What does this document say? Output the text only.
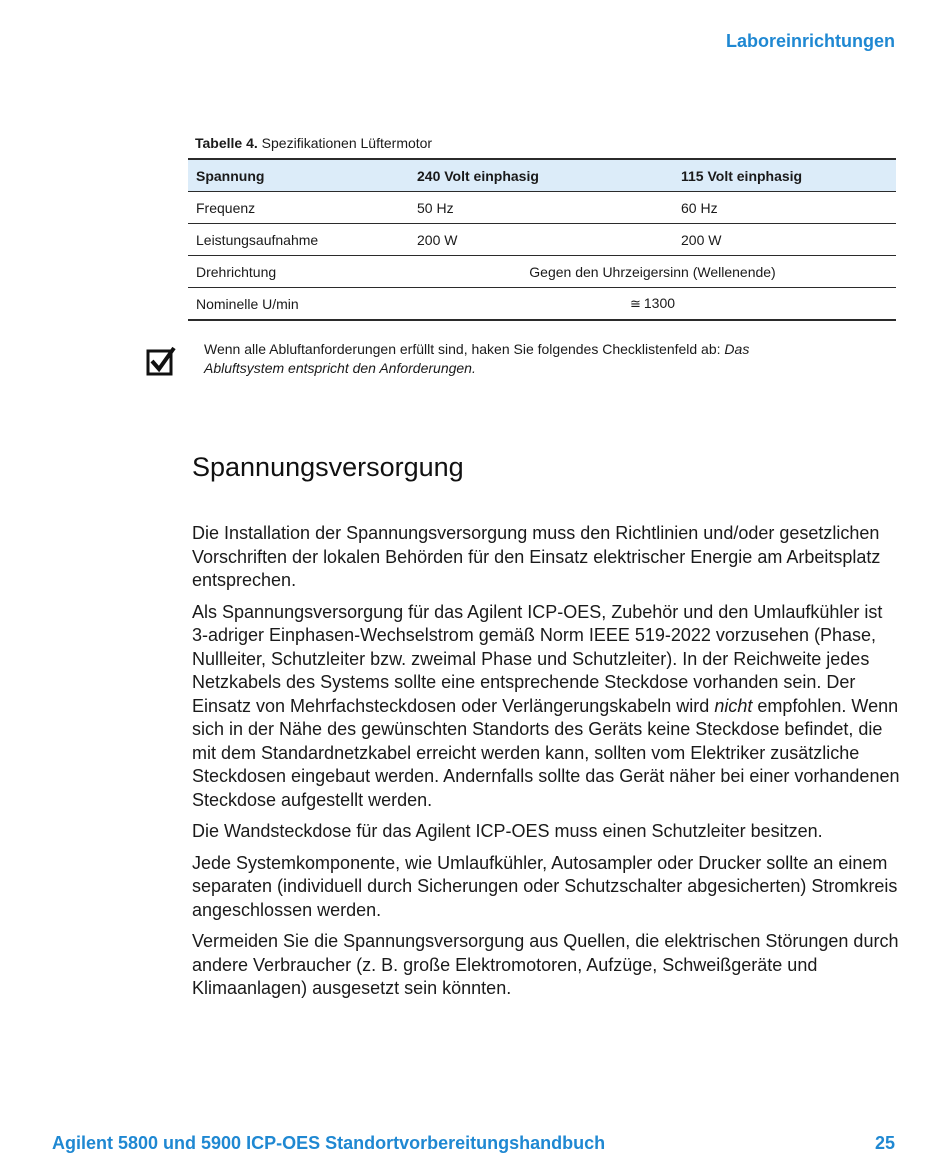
Laboreinrichtungen
Tabelle 4. Spezifikationen Lüftermotor
Spannung	240 Volt einphasig	115 Volt einphasig
Frequenz	50 Hz	60 Hz
Leistungsaufnahme	200 W	200 W
Drehrichtung	Gegen den Uhrzeigersinn (Wellenende)	
Nominelle U/min	≅ 1300	
Wenn alle Abluftanforderungen erfüllt sind, haken Sie folgendes Checklistenfeld ab: Das Abluftsystem entspricht den Anforderungen.
Spannungsversorgung

Die Installation der Spannungsversorgung muss den Richtlinien und/oder gesetzlichen Vorschriften der lokalen Behörden für den Einsatz elektrischer Energie am Arbeitsplatz entsprechen.

Als Spannungsversorgung für das Agilent ICP-OES, Zubehör und den Umlaufkühler ist 3-adriger Einphasen-Wechselstrom gemäß Norm IEEE 519-2022 vorzusehen (Phase, Nullleiter, Schutzleiter bzw. zweimal Phase und Schutzleiter). In der Reichweite jedes Netzkabels des Systems sollte eine entsprechende Steckdose vorhanden sein. Der Einsatz von Mehrfachsteckdosen oder Verlängerungskabeln wird nicht empfohlen. Wenn sich in der Nähe des gewünschten Standorts des Geräts keine Steckdose befindet, die mit dem Standardnetzkabel erreicht werden kann, sollten vom Elektriker zusätzliche Steckdosen eingebaut werden. Andernfalls sollte das Gerät näher bei einer vorhandenen Steckdose aufgestellt werden.

Die Wandsteckdose für das Agilent ICP-OES muss einen Schutzleiter besitzen.

Jede Systemkomponente, wie Umlaufkühler, Autosampler oder Drucker sollte an einem separaten (individuell durch Sicherungen oder Schutzschalter abgesicherten) Stromkreis angeschlossen werden.

Vermeiden Sie die Spannungsversorgung aus Quellen, die elektrischen Störungen durch andere Verbraucher (z. B. große Elektromotoren, Aufzüge, Schweißgeräte und Klimaanlagen) ausgesetzt sein könnten.

Agilent 5800 und 5900 ICP-OES Standortvorbereitungshandbuch	25
